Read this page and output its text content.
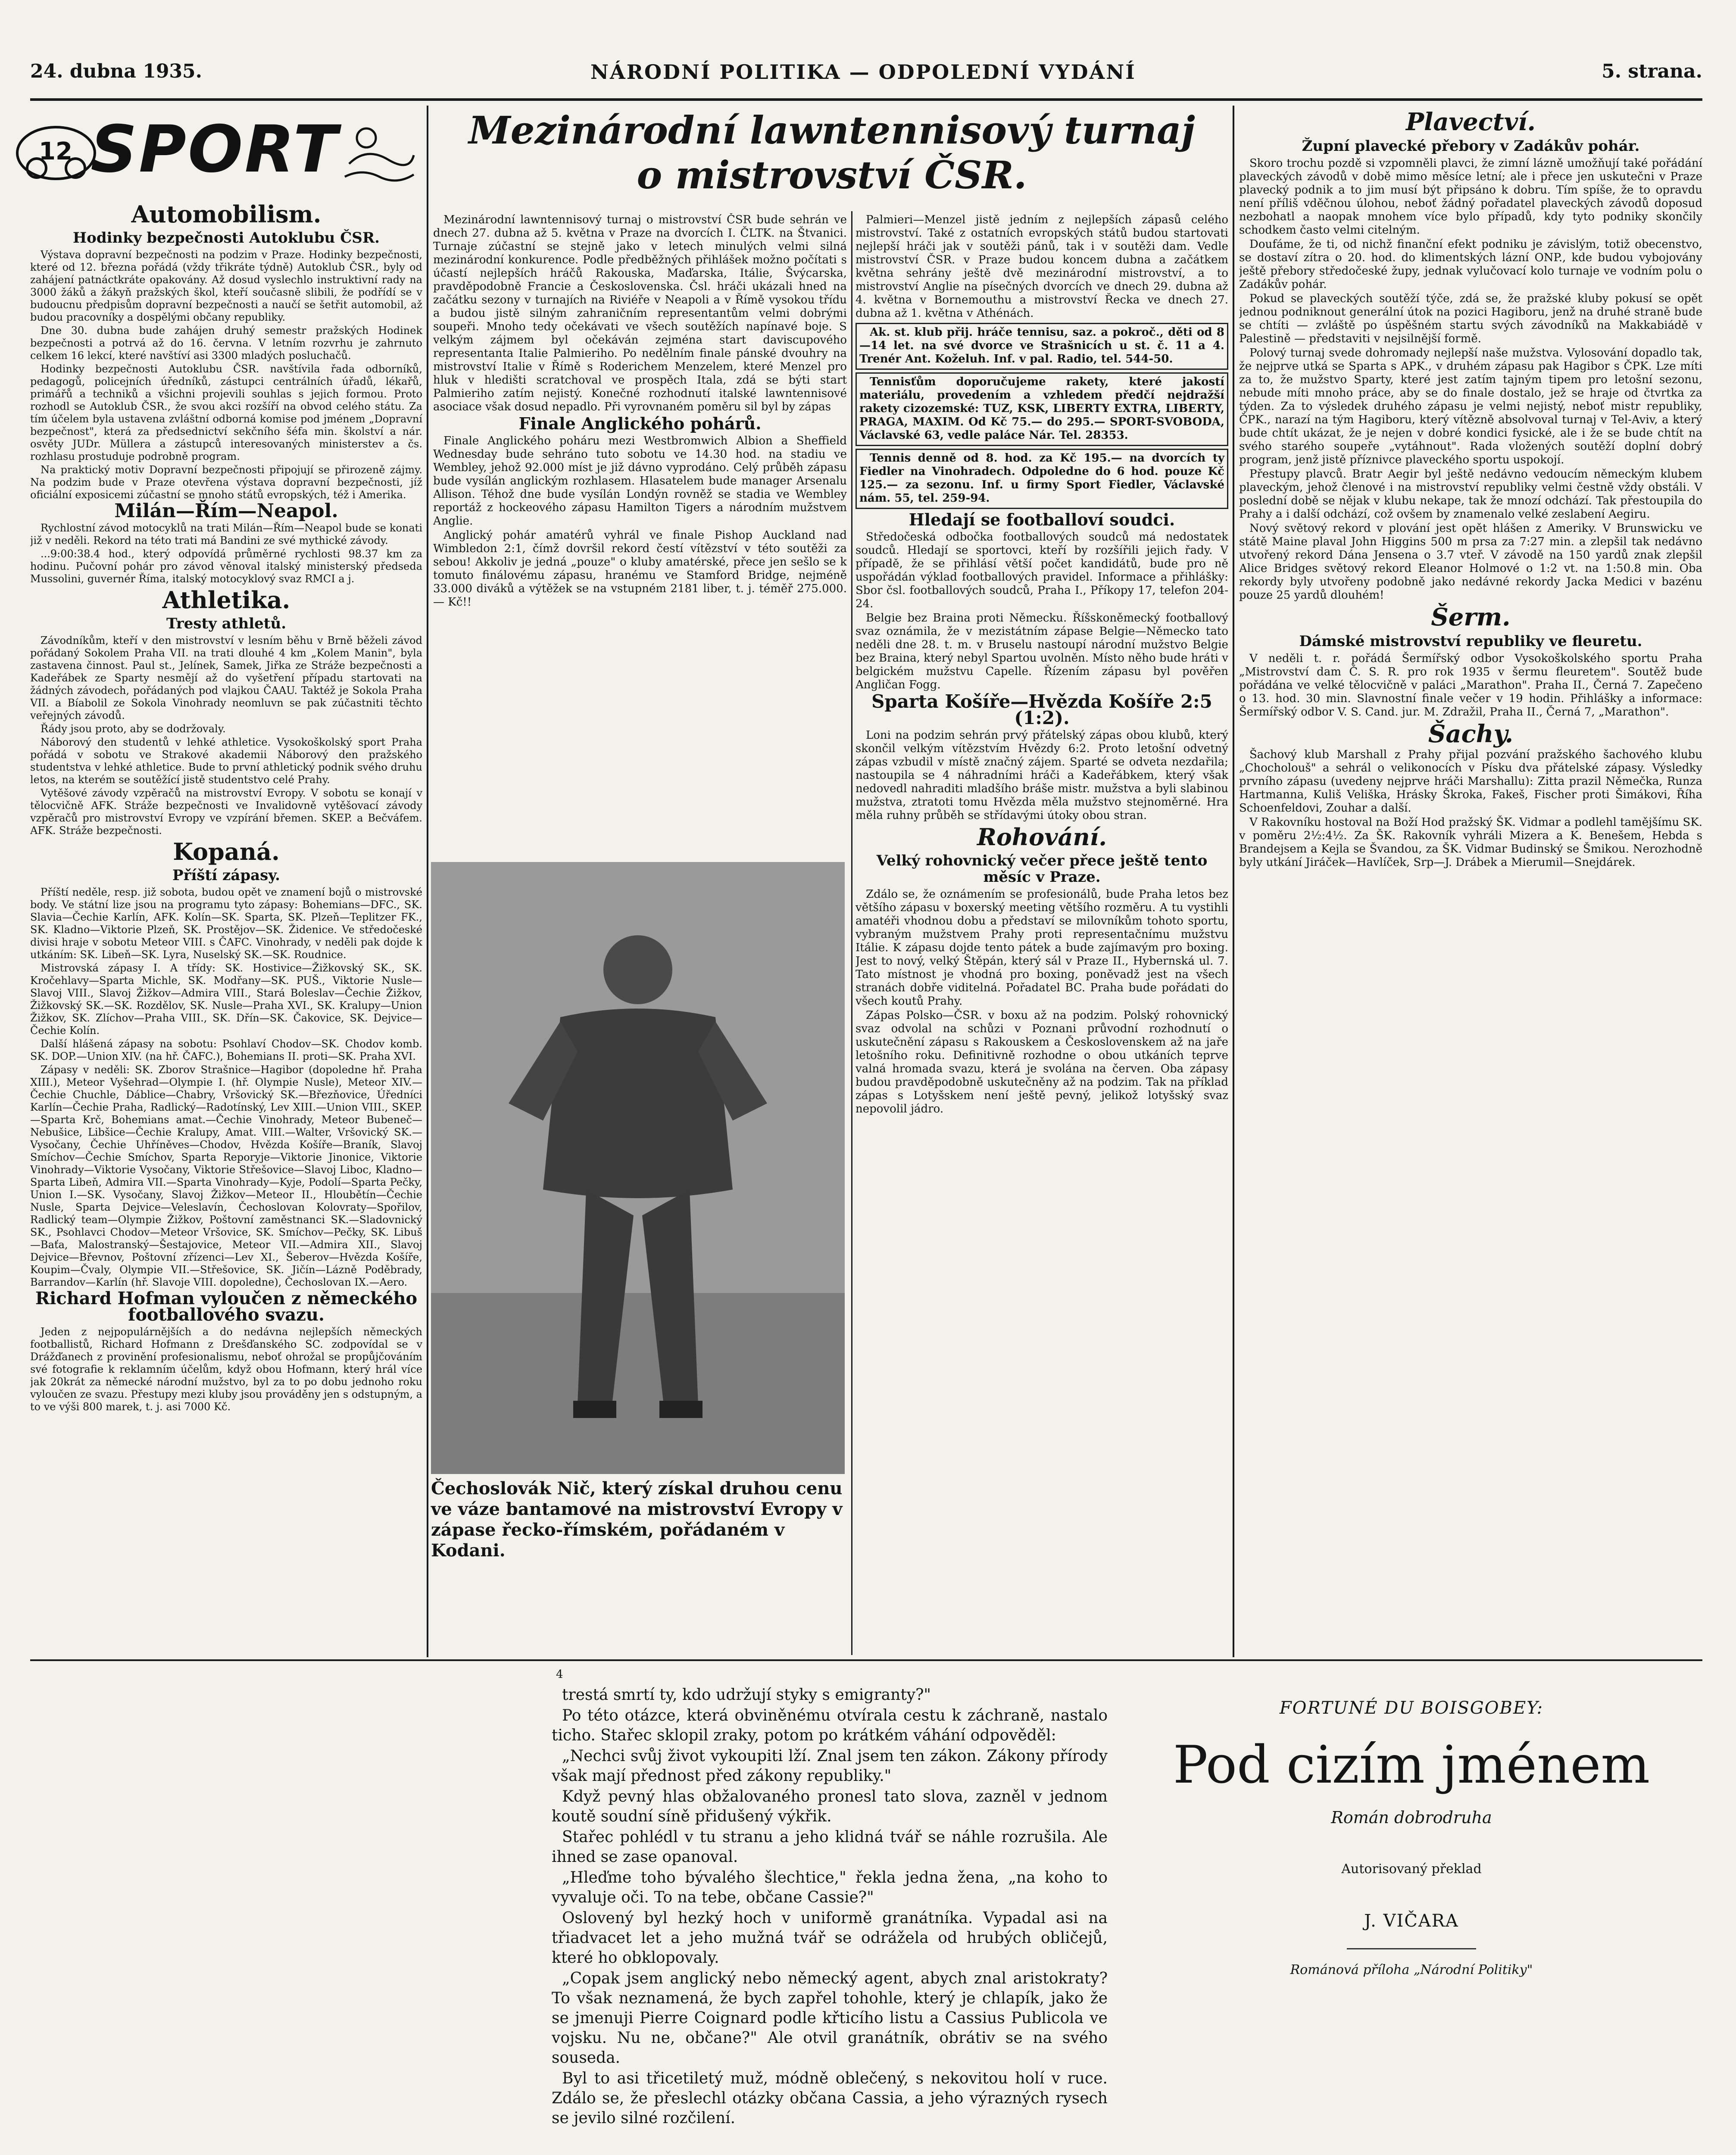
24. dubna 1935.	NÁRODNÍ POLITIKA — ODPOLEDNÍ VYDÁNÍ	5. strana.
12 SPORT
Automobilism.
Hodinky bezpečnosti Autoklubu ČSR.

Výstava dopravní bezpečnosti na podzim v Praze. Hodinky bezpečnosti, které od 12. března pořádá (vždy třikráte týdně) Autoklub ČSR., byly od zahájení patnáctkráte opakovány. Až dosud vyslechlo instruktivní rady na 3000 žáků a žákyň pražských škol, kteří současně slibili, že podřídí se v budoucnu předpisům dopravní bezpečnosti a naučí se šetřit automobil, až budou pracovníky a dospělými občany republiky.

Dne 30. dubna bude zahájen druhý semestr pražských Hodinek bezpečnosti a potrvá až do 16. června. V letním rozvrhu je zahrnuto celkem 16 lekcí, které navštíví asi 3300 mladých posluchačů.

Hodinky bezpečnosti Autoklubu ČSR. navštívila řada odborníků, pedagogů, policejních úředníků, zástupci centrálních úřadů, lékařů, primářů a techniků a všichni projevili souhlas s jejich formou. Proto rozhodl se Autoklub ČSR., že svou akci rozšíří na obvod celého státu. Za tím účelem byla ustavena zvláštní odborná komise pod jménem „Dopravní bezpečnost", která za předsednictví sekčního šéfa min. školství a nár. osvěty JUDr. Müllera a zástupců interesovaných ministerstev a čs. rozhlasu prostuduje podrobně program.

Na praktický motiv Dopravní bezpečnosti připojují se přirozeně zájmy. Na podzim bude v Praze otevřena výstava dopravní bezpečnosti, jíž oficiální exposicemi zúčastní se mnoho států evropských, též i Amerika.

Milán—Řím—Neapol.

Rychlostní závod motocyklů na trati Milán—Řím—Neapol bude se konati již v neděli. Rekord na této trati má Bandini ze své mythické závody.

...9:00:38.4 hod., který odpovídá průměrné rychlosti 98.37 km za hodinu. Pučovní pohár pro závod věnoval italský ministerský předseda Mussolini, guvernér Říma, italský motocyklový svaz RMCI a j.

Athletika.
Tresty athletů.

Závodníkům, kteří v den mistrovství v lesním běhu v Brně běželi závod pořádaný Sokolem Praha VII. na trati dlouhé 4 km „Kolem Manin", byla zastavena činnost. Paul st., Jelínek, Samek, Jiřka ze Stráže bezpečnosti a Kadeřábek ze Sparty nesmějí až do vyšetření případu startovati na žádných závodech, pořádaných pod vlajkou ČAAU. Taktéž je Sokola Praha VII. a Bíabolil ze Sokola Vinohrady neomluvn se pak zúčastniti těchto veřejných závodů.

Řády jsou proto, aby se dodržovaly.

Náborový den studentů v lehké athletice. Vysokoškolský sport Praha pořádá v sobotu ve Strakové akademii Náborový den pražského studentstva v lehké athletice. Bude to první athletický podnik svého druhu letos, na kterém se soutěžící jistě studentstvo celé Prahy.

Vytěšové závody vzpěračů na mistrovství Evropy. V sobotu se konají v tělocvičně AFK. Stráže bezpečnosti ve Invalidovně vytěšovací závody vzpěračů pro mistrovství Evropy ve vzpírání břemen. SKEP. a Bečváfem. AFK. Stráže bezpečnosti.

Kopaná.
Příští zápasy.

Příští neděle, resp. již sobota, budou opět ve znamení bojů o mistrovské body. Ve státní lize jsou na programu tyto zápasy: Bohemians—DFC., SK. Slavia—Čechie Karlín, AFK. Kolín—SK. Sparta, SK. Plzeň—Teplitzer FK., SK. Kladno—Viktorie Plzeň, SK. Prostějov—SK. Židenice. Ve středočeské divisi hraje v sobotu Meteor VIII. s ČAFC. Vinohrady, v neděli pak dojde k utkáním: SK. Libeň—SK. Lyra, Nuselský SK.—SK. Roudnice.

Mistrovská zápasy I. A třídy: SK. Hostivice—Žižkovský SK., SK. Kročehlavy—Sparta Michle, SK. Modřany—SK. PUŠ., Viktorie Nusle—Slavoj VIII., Slavoj Žižkov—Admira VIII., Stará Boleslav—Čechie Žižkov, Žižkovský SK.—SK. Rozdělov, SK. Nusle—Praha XVI., SK. Kralupy—Union Žižkov, SK. Zlíchov—Praha VIII., SK. Dřín—SK. Čakovice, SK. Dejvice—Čechie Kolín.

Další hlášená zápasy na sobotu: Psohlaví Chodov—SK. Chodov komb. SK. DOP.—Union XIV. (na hř. ČAFC.), Bohemians II. proti—SK. Praha XVI.

Zápasy v neděli: SK. Zborov Strašnice—Hagibor (dopoledne hř. Praha XIII.), Meteor Vyšehrad—Olympie I. (hř. Olympie Nusle), Meteor XIV.—Čechie Chuchle, Dáblice—Chabry, Vršovický SK.—Březňovice, Úředníci Karlín—Čechie Praha, Radlický—Radotínský, Lev XIII.—Union VIII., SKEP.—Sparta Krč, Bohemians amat.—Čechie Vinohrady, Meteor Bubeneč—Nebušice, Libšice—Čechie Kralupy, Amat. VIII.—Walter, Vršovický SK.—Vysočany, Čechie Uhříněves—Chodov, Hvězda Košíře—Braník, Slavoj Smíchov—Čechie Smíchov, Sparta Reporyje—Viktorie Jinonice, Viktorie Vinohrady—Viktorie Vysočany, Viktorie Střešovice—Slavoj Liboc, Kladno—Sparta Libeň, Admira VII.—Sparta Vinohrady—Kyje, Podolí—Sparta Pečky, Union I.—SK. Vysočany, Slavoj Žižkov—Meteor II., Hloubětín—Čechie Nusle, Sparta Dejvice—Veleslavín, Čechoslovan Kolovraty—Spořilov, Radlický team—Olympie Žižkov, Poštovní zaměstnanci SK.—Sladovnický SK., Psohlavci Chodov—Meteor Vršovice, SK. Smíchov—Pečky, SK. Libuš—Baťa, Malostranský—Šestajovice, Meteor VII.—Admira XII., Slavoj Dejvice—Břevnov, Poštovní zřízenci—Lev XI., Šeberov—Hvězda Košíře, Koupim—Čvaly, Olympie VII.—Střešovice, SK. Jičín—Lázně Poděbrady, Barrandov—Karlín (hř. Slavoje VIII. dopoledne), Čechoslovan IX.—Aero.

Richard Hofman vyloučen z německého footballového svazu.

Jeden z nejpopulárnějších a do nedávna nejlepších německých footballistů, Richard Hofmann z Drešďanského SC. zodpovídal se v Drážďanech z provinění profesionalismu, neboť ohrožal se propůjčováním své fotografie k reklamním účelům, když obou Hofmann, který hrál více jak 20krát za německé národní mužstvo, byl za to po dobu jednoho roku vyloučen ze svazu. Přestupy mezi kluby jsou prováděny jen s odstupným, a to ve výši 800 marek, t. j. asi 7000 Kč.

Mezinárodní lawntennisový turnaj
o mistrovství ČSR.

Mezinárodní lawntennisový turnaj o mistrovství ČSR bude sehrán ve dnech 27. dubna až 5. května v Praze na dvorcích I. ČLTK. na Štvanici. Turnaje zúčastní se stejně jako v letech minulých velmi silná mezinárodní konkurence. Podle předběžných přihlášek možno počítati s účastí nejlepších hráčů Rakouska, Maďarska, Itálie, Švýcarska, pravděpodobně Francie a Československa. Čsl. hráči ukázali hned na začátku sezony v turnajích na Riviéře v Neapoli a v Římě vysokou třídu a budou jistě silným zahraničním representantům velmi dobrými soupeři. Mnoho tedy očekávati ve všech soutěžích napínavé boje. S velkým zájmem byl očekáván zejména start daviscupového representanta Italie Palmieriho. Po nedělním finale pánské dvouhry na mistrovství Italie v Římě s Roderichem Menzelem, které Menzel pro hluk v hledišti scratchoval ve prospěch Itala, zdá se býti start Palmieriho zatím nejistý. Konečné rozhodnutí italské lawntennisové asociace však dosud nepadlo. Při vyrovnaném poměru sil byl by zápas

Finale Anglického pohárů.

Finale Anglického poháru mezi Westbromwich Albion a Sheffield Wednesday bude sehráno tuto sobotu ve 14.30 hod. na stadiu ve Wembley, jehož 92.000 míst je již dávno vyprodáno. Celý průběh zápasu bude vysílán anglickým rozhlasem. Hlasatelem bude manager Arsenalu Allison. Téhož dne bude vysílán Londýn rovněž se stadia ve Wembley reportáž z hockeového zápasu Hamilton Tigers a národním mužstvem Anglie.

Anglický pohár amatérů vyhrál ve finale Pishop Auckland nad Wimbledon 2:1, čímž dovršil rekord čestí vítězství v této soutěži za sebou! Akkoliv je jedná „pouze" o kluby amatérské, přece jen sešlo se k tomuto finálovému zápasu, hranému ve Stamford Bridge, nejméně 33.000 diváků a výtěžek se na vstupném 2181 liber, t. j. téměř 275.000.— Kč!!

Čechoslovák Nič, který získal druhou cenu ve váze bantamové na mistrovství Evropy v zápase řecko-římském, pořádaném v Kodani.

Palmieri—Menzel jistě jedním z nejlepších zápasů celého mistrovství. Také z ostatních evropských států budou startovati nejlepší hráči jak v soutěži pánů, tak i v soutěži dam. Vedle mistrovství ČSR. v Praze budou koncem dubna a začátkem května sehrány ještě dvě mezinárodní mistrovství, a to mistrovství Anglie na písečných dvorcích ve dnech 29. dubna až 4. května v Bornemouthu a mistrovství Řecka ve dnech 27. dubna až 1. května v Athénách.

Ak. st. klub přij. hráče tennisu, saz. a pokroč., děti od 8—14 let. na své dvorce ve Strašnicích u st. č. 11 a 4. Trenér Ant. Koželuh. Inf. v pal. Radio, tel. 544-50.

Tennisťům doporučujeme rakety, které jakostí materiálu, provedením a vzhledem předčí nejdražší rakety cizozemské: TUZ, KSK, LIBERTY EXTRA, LIBERTY, PRAGA, MAXIM. Od Kč 75.— do 295.— SPORT-SVOBODA, Václavské 63, vedle paláce Nár. Tel. 28353.

Tennis denně od 8. hod. za Kč 195.— na dvorcích ty Fiedler na Vinohradech. Odpoledne do 6 hod. pouze Kč 125.— za sezonu. Inf. u firmy Sport Fiedler, Václavské nám. 55, tel. 259-94.

Hledají se footballoví soudci.

Středočeská odbočka footballových soudců má nedostatek soudců. Hledají se sportovci, kteří by rozšířili jejich řady. V případě, že se přihlásí větší počet kandidátů, bude pro ně uspořádán výklad footballových pravidel. Informace a přihlášky: Sbor čsl. footballových soudců, Praha I., Příkopy 17, telefon 204-24.

Belgie bez Braina proti Německu. Říšskoněmecký footballový svaz oznámila, že v mezistátním zápase Belgie—Německo tato neděli dne 28. t. m. v Bruselu nastoupí národní mužstvo Belgie bez Braina, který nebyl Spartou uvolněn. Místo něho bude hráti v belgickém mužstvu Capelle. Řízením zápasu byl pověřen Angličan Fogg.

Sparta Košíře—Hvězda Košíře 2:5 (1:2).

Loni na podzim sehrán prvý přátelský zápas obou klubů, který skončil velkým vítězstvím Hvězdy 6:2. Proto letošní odvetný zápas vzbudil v místě značný zájem. Sparté se odveta nezdařila; nastoupila se 4 náhradními hráči a Kadeřábkem, který však nedovedl nahraditi mladšího bráše mistr. mužstva a byli slabinou mužstva, ztratoti tomu Hvězda měla mužstvo stejnoměrné. Hra měla ruhny průběh se střídavými útoky obou stran.

Rohování.
Velký rohovnický večer přece ještě tento měsíc v Praze.

Zdálo se, že oznámením se profesionálů, bude Praha letos bez většího zápasu v boxerský meeting většího rozměru. A tu vystihli amatéři vhodnou dobu a představí se milovníkům tohoto sportu, vybraným mužstvem Prahy proti representačnímu mužstvu Itálie. K zápasu dojde tento pátek a bude zajímavým pro boxing. Jest to nový, velký Štěpán, který sál v Praze II., Hybernská ul. 7. Tato místnost je vhodná pro boxing, poněvadž jest na všech stranách dobře viditelná. Pořadatel BC. Praha bude pořádati do všech koutů Prahy.

Zápas Polsko—ČSR. v boxu až na podzim. Polský rohovnický svaz odvolal na schůzi v Poznani průvodní rozhodnutí o uskutečnění zápasu s Rakouskem a Československem až na jaře letošního roku. Definitivně rozhodne o obou utkáních teprve valná hromada svazu, která je svolána na červen. Oba zápasy budou pravděpodobně uskutečněny až na podzim. Tak na příklad zápas s Lotyšskem není ještě pevný, jelikož lotyšský svaz nepovolil jádro.

Plavectví.
Župní plavecké přebory v Zadákův pohár.

Skoro trochu pozdě si vzpomněli plavci, že zimní lázně umožňují také pořádání plaveckých závodů v době mimo měsíce letní; ale i přece jen uskutečni v Praze plavecký podnik a to jim musí být připsáno k dobru. Tím spíše, že to opravdu není příliš vděčnou úlohou, neboť žádný pořadatel plaveckých závodů doposud nezbohatl a naopak mnohem více bylo případů, kdy tyto podniky skončily schodkem často velmi citelným.

Doufáme, že ti, od nichž finanční efekt podniku je závislým, totiž obecenstvo, se dostaví zítra o 20. hod. do klimentských lázní ONP., kde budou vybojovány ještě přebory středočeské župy, jednak vylučovací kolo turnaje ve vodním polu o Zadákův pohár.

Pokud se plaveckých soutěží týče, zdá se, že pražské kluby pokusí se opět jednou podniknout generální útok na pozici Hagiboru, jenž na druhé straně bude se chtíti — zvláště po úspěšném startu svých závodníků na Makkabiádě v Palestině — představiti v nejsilnější formě.

Polový turnaj svede dohromady nejlepší naše mužstva. Vylosování dopadlo tak, že nejprve utká se Sparta s APK., v druhém zápasu pak Hagibor s ČPK. Lze míti za to, že mužstvo Sparty, které jest zatím tajným tipem pro letošní sezonu, nebude míti mnoho práce, aby se do finale dostalo, jež se hraje od čtvrtka za týden. Za to výsledek druhého zápasu je velmi nejistý, neboť mistr republiky, ČPK., narazí na tým Hagiboru, který vítězně absolvoval turnaj v Tel-Aviv, a který bude chtít ukázat, že je nejen v dobré kondici fysické, ale i že se bude chtít na svého starého soupeře „vytáhnout". Rada vložených soutěží doplní dobrý program, jenž jistě příznivce plaveckého sportu uspokojí.

Přestupy plavců. Bratr Aegir byl ještě nedávno vedoucím německým klubem plaveckým, jehož členové i na mistrovství republiky velmi čestně vždy obstáli. V poslední době se nějak v klubu nekape, tak že mnozí odchází. Tak přestoupila do Prahy a i další odchází, což ovšem by znamenalo velké zeslabení Aegiru.

Nový světový rekord v plování jest opět hlášen z Ameriky. V Brunswicku ve státě Maine plaval John Higgins 500 m prsa za 7:27 min. a zlepšil tak nedávno utvořený rekord Dána Jensena o 3.7 vteř. V závodě na 150 yardů znak zlepšil Alice Bridges světový rekord Eleanor Holmové o 1:2 vt. na 1:50.8 min. Oba rekordy byly utvořeny podobně jako nedávné rekordy Jacka Medici v bazénu pouze 25 yardů dlouhém!

Šerm.
Dámské mistrovství republiky ve fleuretu.

V neděli t. r. pořádá Šermířský odbor Vysokoškolského sportu Praha „Mistrovství dam Č. S. R. pro rok 1935 v šermu fleuretem". Soutěž bude pořádána ve velké tělocvičně v paláci „Marathon". Praha II., Černá 7. Zapečeno o 13. hod. 30 min. Slavnostní finale večer v 19 hodin. Přihlášky a informace: Šermířský odbor V. S. Cand. jur. M. Zdražil, Praha II., Černá 7, „Marathon".

Šachy.

Šachový klub Marshall z Prahy přijal pozvání pražského šachového klubu „Chocholouš" a sehrál o velikonocích v Písku dva přátelské zápasy. Výsledky prvního zápasu (uvedeny nejprve hráči Marshallu): Zitta prazil Němečka, Runza Hartmanna, Kuliš Veliška, Hrásky Škroka, Fakeš, Fischer proti Šimákovi, Říha Schoenfeldovi, Zouhar a další.

V Rakovníku hostoval na Boží Hod pražský ŠK. Vidmar a podlehl tamějšímu SK. v poměru 2½:4½. Za ŠK. Rakovník vyhráli Mizera a K. Benešem, Hebda s Brandejsem a Kejla se Švandou, za ŠK. Vidmar Budinský se Šmikou. Nerozhodně byly utkání Jiráček—Havlíček, Srp—J. Drábek a Mierumil—Snejdárek.

4

trestá smrtí ty, kdo udržují styky s emigranty?"

Po této otázce, která obviněnému otvírala cestu k záchraně, nastalo ticho. Stařec sklopil zraky, potom po krátkém váhání odpověděl:

„Nechci svůj život vykoupiti lží. Znal jsem ten zákon. Zákony přírody však mají přednost před zákony republiky."

Když pevný hlas obžalovaného pronesl tato slova, zazněl v jednom koutě soudní síně přidušený výkřik.

Stařec pohlédl v tu stranu a jeho klidná tvář se náhle rozrušila. Ale ihned se zase opanoval.

„Hleďme toho bývalého šlechtice," řekla jedna žena, „na koho to vyvaluje oči. To na tebe, občane Cassie?"

Oslovený byl hezký hoch v uniformě granátníka. Vypadal asi na třiadvacet let a jeho mužná tvář se odrážela od hrubých obličejů, které ho obklopovaly.

„Copak jsem anglický nebo německý agent, abych znal aristokraty? To však neznamená, že bych zapřel tohohle, který je chlapík, jako že se jmenuji Pierre Coignard podle křticího listu a Cassius Publicola ve vojsku. Nu ne, občane?" Ale otvil granátník, obrátiv se na svého souseda.

Byl to asi třicetiletý muž, módně oblečený, s nekovitou holí v ruce. Zdálo se, že přeslechl otázky občana Cassia, a jeho výrazných rysech se jevilo silné rozčilení.

FORTUNÉ DU BOISGOBEY:
Pod cizím jménem
Román dobrodruha
Autorisovaný překlad
J. VIČARA
Románová příloha „Národní Politiky"
